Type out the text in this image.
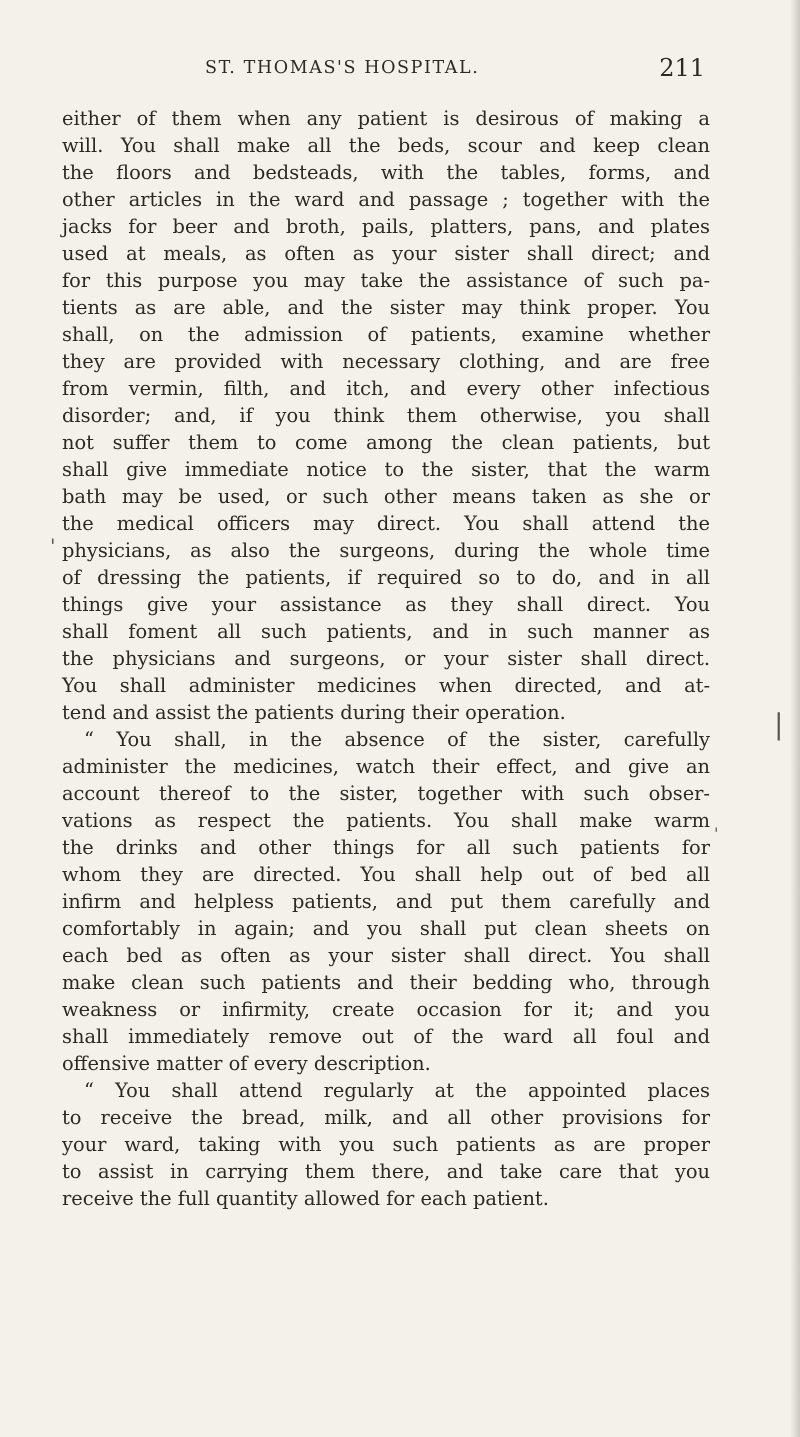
ST. THOMAS'S HOSPITAL.	211
either of them when any patient is desirous of making a
will. You shall make all the beds, scour and keep clean
the floors and bedsteads, with the tables, forms, and
other articles in the ward and passage ; together with the
jacks for beer and broth, pails, platters, pans, and plates
used at meals, as often as your sister shall direct; and
for this purpose you may take the assistance of such pa-
tients as are able, and the sister may think proper. You
shall, on the admission of patients, examine whether
they are provided with necessary clothing, and are free
from vermin, filth, and itch, and every other infectious
disorder; and, if you think them otherwise, you shall
not suffer them to come among the clean patients, but
shall give immediate notice to the sister, that the warm
bath may be used, or such other means taken as she or
the medical officers may direct. You shall attend the
physicians, as also the surgeons, during the whole time
of dressing the patients, if required so to do, and in all
things give your assistance as they shall direct. You
shall foment all such patients, and in such manner as
the physicians and surgeons, or your sister shall direct.
You shall administer medicines when directed, and at-
tend and assist the patients during their operation.
“ You shall, in the absence of the sister, carefully
administer the medicines, watch their effect, and give an
account thereof to the sister, together with such obser-
vations as respect the patients. You shall make warm
the drinks and other things for all such patients for
whom they are directed. You shall help out of bed all
infirm and helpless patients, and put them carefully and
comfortably in again; and you shall put clean sheets on
each bed as often as your sister shall direct. You shall
make clean such patients and their bedding who, through
weakness or infirmity, create occasion for it; and you
shall immediately remove out of the ward all foul and
offensive matter of every description.
“ You shall attend regularly at the appointed places
to receive the bread, milk, and all other provisions for
your ward, taking with you such patients as are proper
to assist in carrying them there, and take care that you
receive the full quantity allowed for each patient.
'
|
'
